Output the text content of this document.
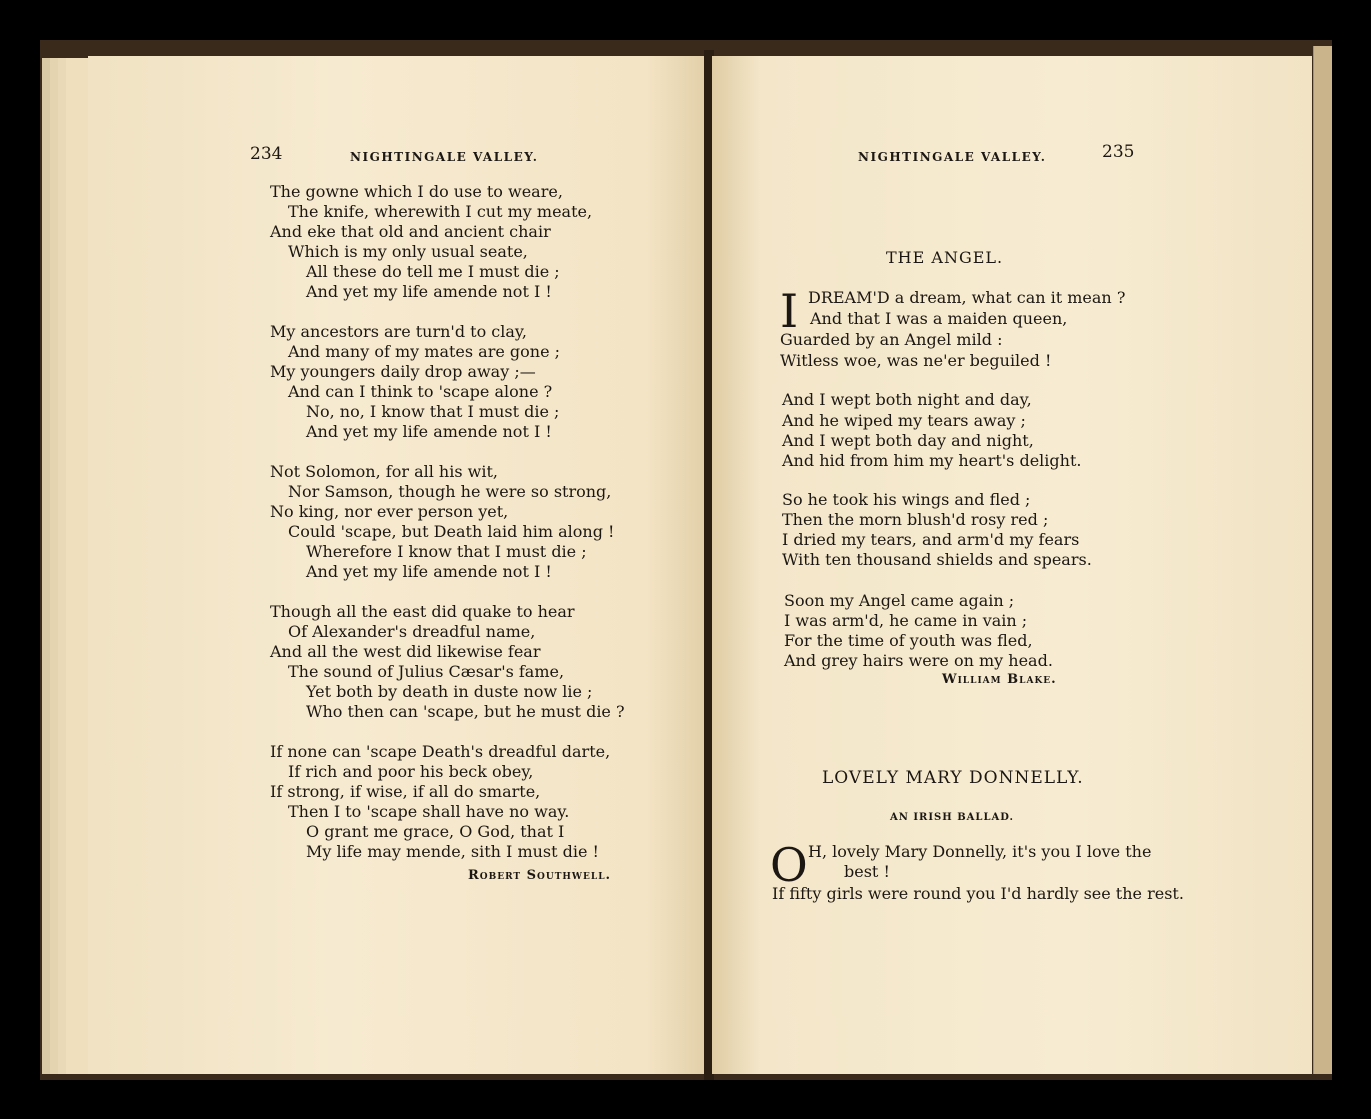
234	NIGHTINGALE VALLEY.
The gowne which I do use to weare,
The knife, wherewith I cut my meate,
And eke that old and ancient chair
Which is my only usual seate,
All these do tell me I must die ;
And yet my life amende not I !
My ancestors are turn'd to clay,
And many of my mates are gone ;
My youngers daily drop away ;—
And can I think to 'scape alone ?
No, no, I know that I must die ;
And yet my life amende not I !
Not Solomon, for all his wit,
Nor Samson, though he were so strong,
No king, nor ever person yet,
Could 'scape, but Death laid him along !
Wherefore I know that I must die ;
And yet my life amende not I !
Though all the east did quake to hear
Of Alexander's dreadful name,
And all the west did likewise fear
The sound of Julius Cæsar's fame,
Yet both by death in duste now lie ;
Who then can 'scape, but he must die ?
If none can 'scape Death's dreadful darte,
If rich and poor his beck obey,
If strong, if wise, if all do smarte,
Then I to 'scape shall have no way.
O grant me grace, O God, that I
My life may mende, sith I must die !
Robert Southwell.
NIGHTINGALE VALLEY.	235
THE ANGEL.
I DREAM'D a dream, what can it mean ?
And that I was a maiden queen,
Guarded by an Angel mild :
Witless woe, was ne'er beguiled !
And I wept both night and day,
And he wiped my tears away ;
And I wept both day and night,
And hid from him my heart's delight.
So he took his wings and fled ;
Then the morn blush'd rosy red ;
I dried my tears, and arm'd my fears
With ten thousand shields and spears.
Soon my Angel came again ;
I was arm'd, he came in vain ;
For the time of youth was fled,
And grey hairs were on my head.
William Blake.
LOVELY MARY DONNELLY.
AN IRISH BALLAD.
O H, lovely Mary Donnelly, it's you I love the
best !
If fifty girls were round you I'd hardly see the rest.
